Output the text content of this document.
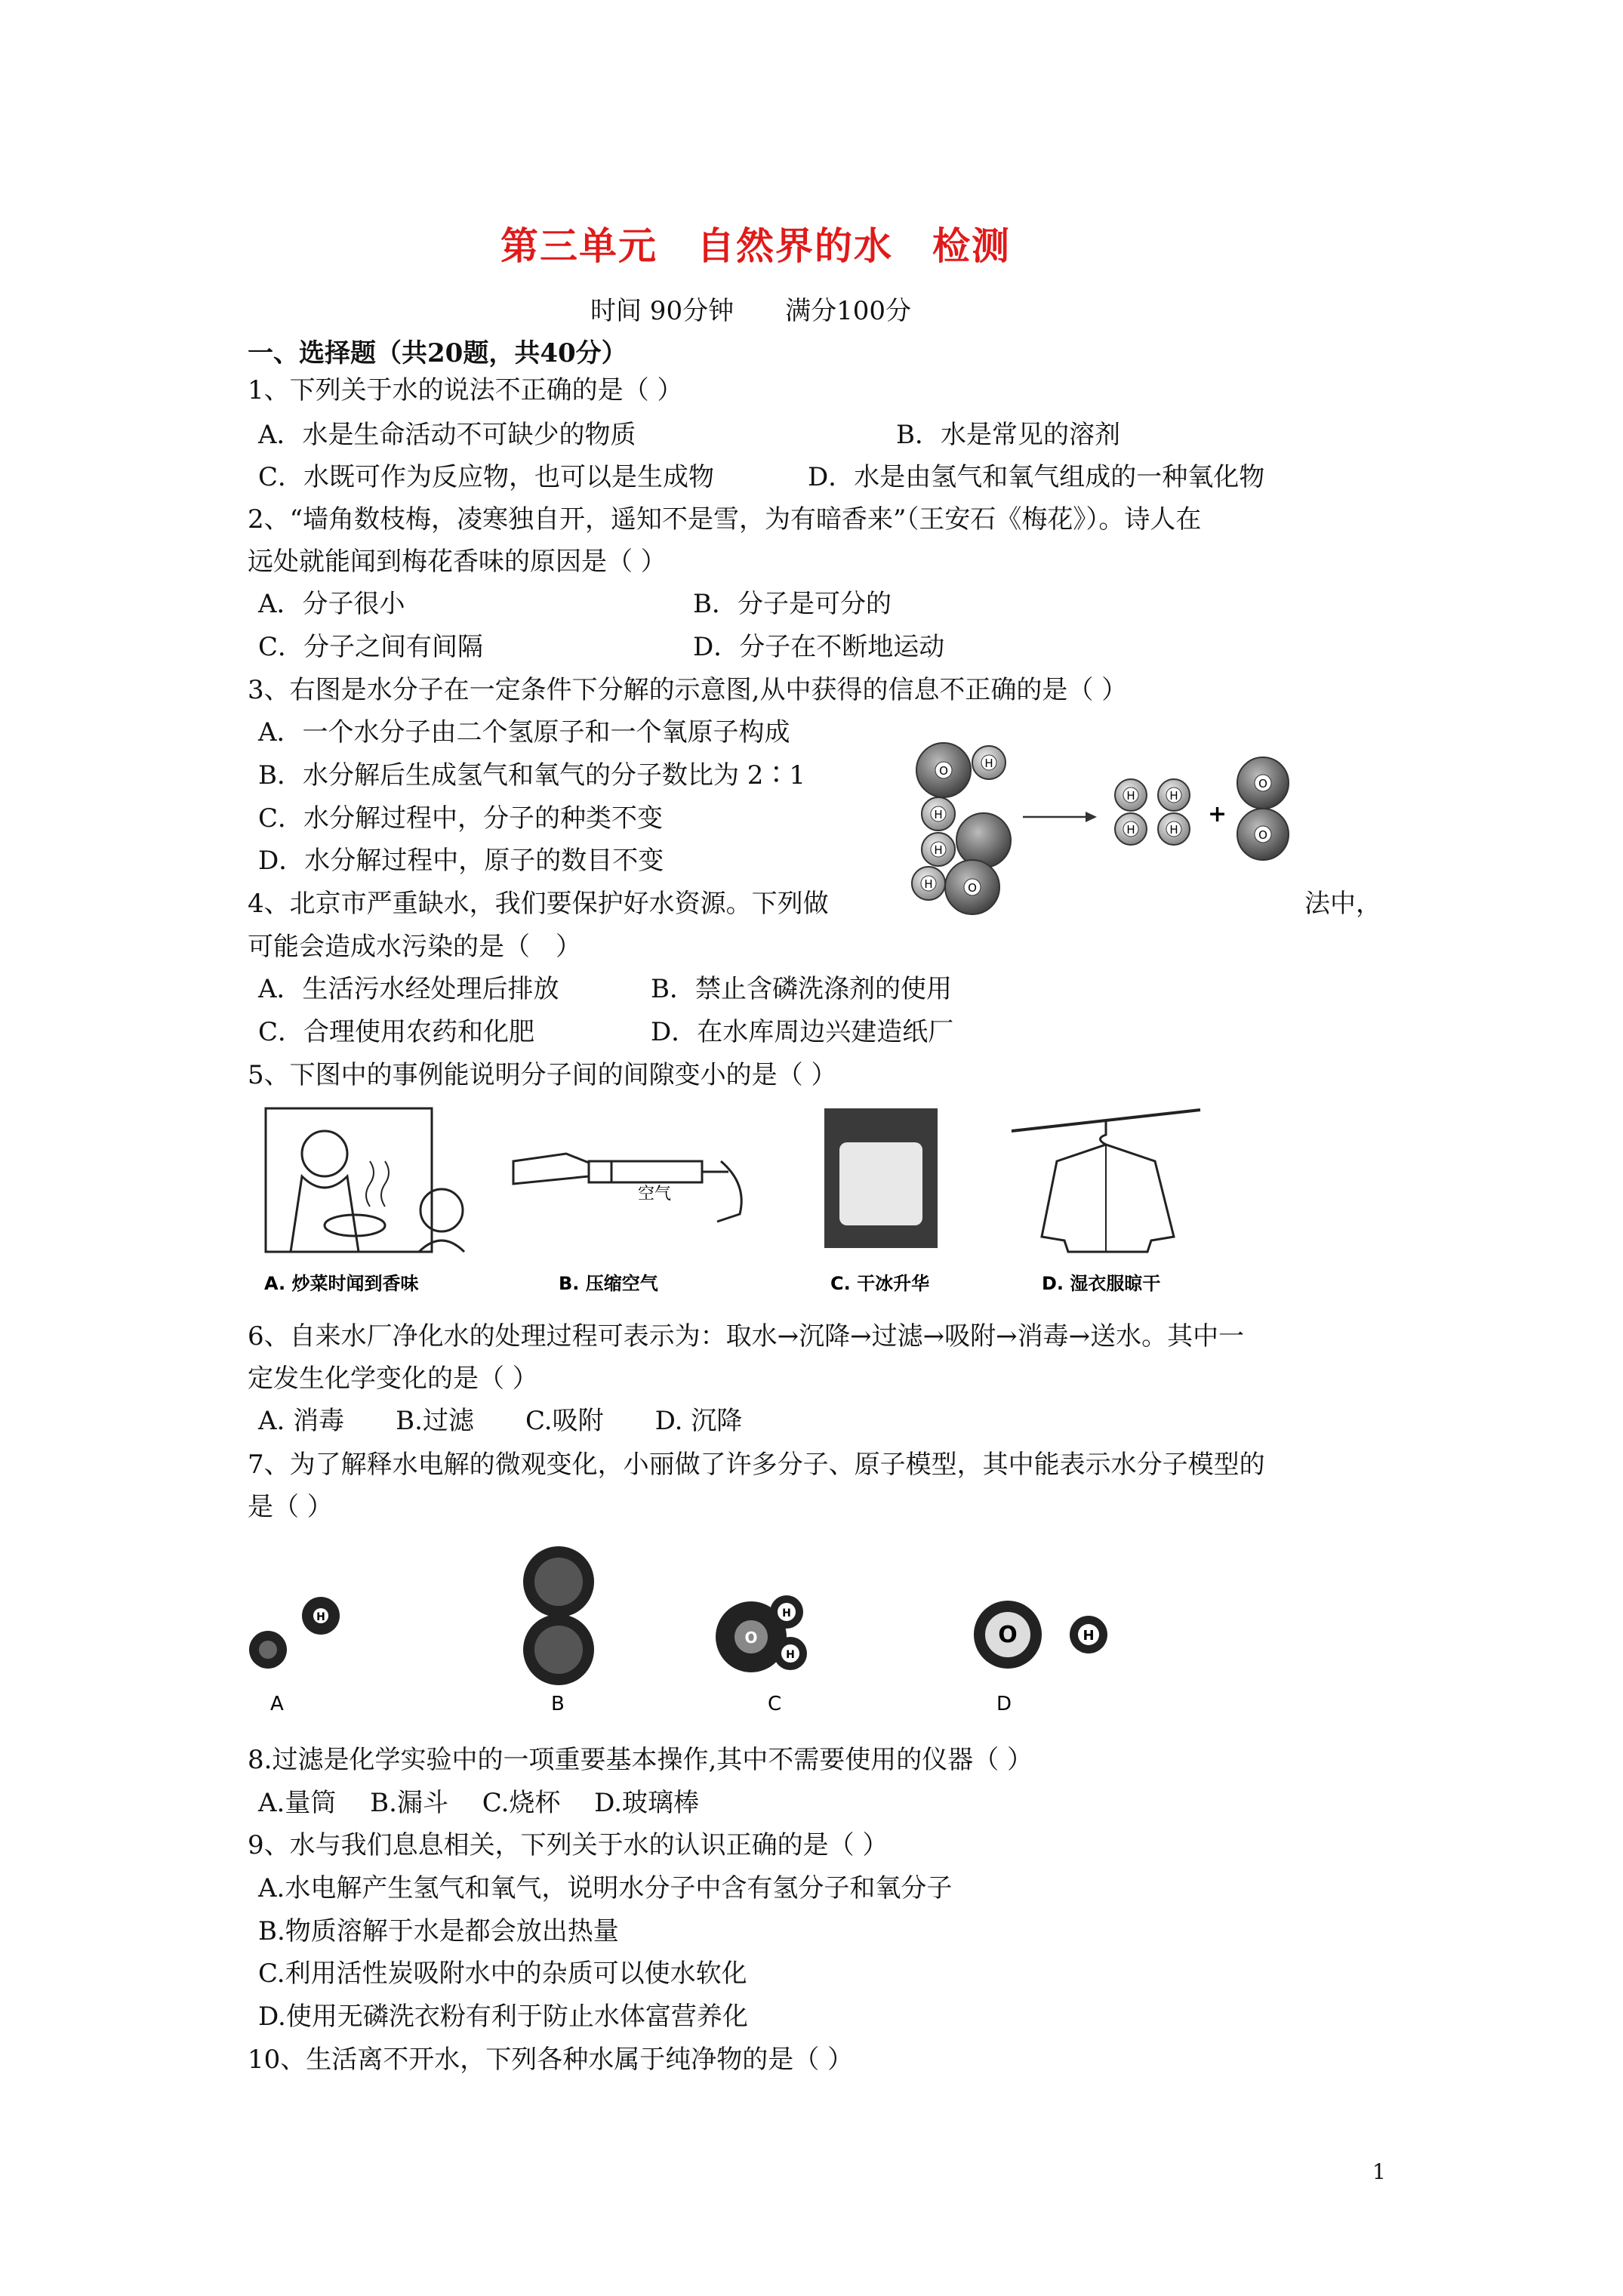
第三单元　自然界的水　检测
时间 90分钟　　满分100分
一、选择题（共20题，共40分）
1、下列关于水的说法不正确的是（ ）
A．水是生命活动不可缺少的物质	B．水是常见的溶剂
C．水既可作为反应物，也可以是生成物	D．水是由氢气和氧气组成的一种氧化物
2、“墙角数枝梅，凌寒独自开，遥知不是雪，为有暗香来”（王安石《梅花》）。诗人在
远处就能闻到梅花香味的原因是（ ）
A．分子很小	B．分子是可分的
C．分子之间有间隔	D．分子在不断地运动
3、右图是水分子在一定条件下分解的示意图,从中获得的信息不正确的是（ ）
A．一个水分子由二个氢原子和一个氧原子构成
B．水分解后生成氢气和氧气的分子数比为 2∶1
C．水分解过程中，分子的种类不变
D．水分解过程中，原子的数目不变
O
H
H
H
H	O
H
H
H
H
+
O
O
4、北京市严重缺水，我们要保护好水资源。下列做	法中，
可能会造成水污染的是（　）
A．生活污水经处理后排放	B．禁止含磷洗涤剂的使用
C．合理使用农药和化肥	D．在水库周边兴建造纸厂
5、下图中的事例能说明分子间的间隙变小的是（ ）
A. 炒菜时闻到香味
空气
B. 压缩空气	C. 干冰升华	D. 湿衣服晾干
6、自来水厂净化水的处理过程可表示为：取水→沉降→过滤→吸附→消毒→送水。其中一
定发生化学变化的是（ ）
A. 消毒　　B.过滤　　C.吸附　　D. 沉降
7、为了解释水电解的微观变化，小丽做了许多分子、原子模型，其中能表示水分子模型的
是（ ）
H
A	B
O
H
H
C
O	H
D
8.过滤是化学实验中的一项重要基本操作,其中不需要使用的仪器（ ）
A.量筒　 B.漏斗　 C.烧杯　 D.玻璃棒
9、水与我们息息相关，下列关于水的认识正确的是（ ）
A.水电解产生氢气和氧气，说明水分子中含有氢分子和氧分子
B.物质溶解于水是都会放出热量
C.利用活性炭吸附水中的杂质可以使水软化
D.使用无磷洗衣粉有利于防止水体富营养化
10、生活离不开水，下列各种水属于纯净物的是（ ）
1
